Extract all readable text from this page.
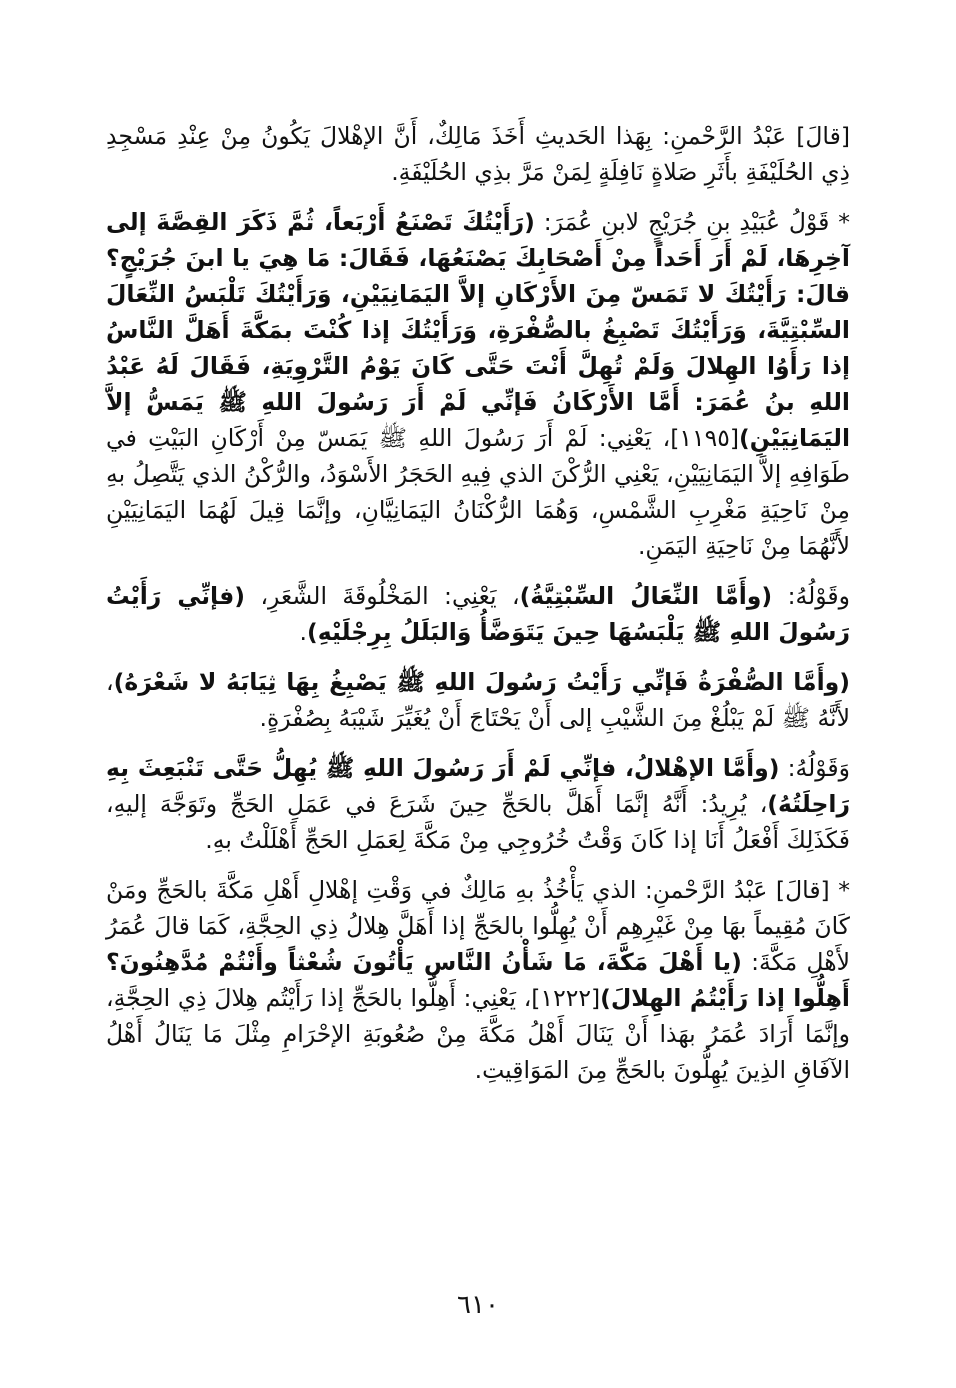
[قالَ] عَبْدُ الرَّحْمنِ: بِهَذا الحَديثِ أَخَذَ مَالِكٌ، أَنَّ الإهْلالَ يَكُونُ مِنْ عِنْدِ مَسْجِدِ ذِي الحُلَيْفَةِ بأَثَرِ صَلاةٍ نَافِلَةٍ لِمَنْ مَرَّ بذِي الحُلَيْفَةِ.

* قَوْلُ عُبَيْدِ بنِ جُرَيْجٍ لابنِ عُمَرَ: (رَأَيْتُكَ تَصْنَعُ أَرْبَعاً، ثُمَّ ذَكَرَ القِصَّةَ إلى آخِرِهَا، لَمْ أَرَ أَحَداً مِنْ أَصْحَابِكَ يَصْنَعُهَا، فَقَالَ: مَا هِيَ يا ابنَ جُرَيْجٍ؟ قالَ: رَأَيْتُكَ لا تَمَسّ مِنَ الأَرْكَانِ إلاَّ اليَمَانِيَيْنِ، وَرَأَيْتُكَ تَلْبَسُ النِّعَالَ السِّبْتِيَّةَ، وَرَأَيْتُكَ تَصْبِغُ بالصُّفْرَةِ، وَرَأَيْتُكَ إذا كُنْتَ بمَكَّةَ أَهَلَّ النَّاسُ إذا رَأَوُا الهِلالَ وَلَمْ تُهِلَّ أَنْتَ حَتَّى كَانَ يَوْمُ التَّرْوِيَةِ، فَقَالَ لَهُ عَبْدُ اللهِ بنُ عُمَرَ: أَمَّا الأَرْكَانُ فَإنِّي لَمْ أَرَ رَسُولَ اللهِ ﷺ يَمَسُّ إلاَّ اليَمَانِيَيْنِ)[١١٩٥]، يَعْنِي: لَمْ أَرَ رَسُولَ اللهِ ﷺ يَمَسّ مِنْ أَرْكَانِ البَيْتِ في طَوَافِهِ إلاَّ اليَمَانِيَيْنِ، يَعْنِي الرُّكْنَ الذي فِيهِ الحَجَرُ الأَسْوَدُ، والرُّكْنُ الذي يَتَّصِلُ بهِ مِنْ نَاحِيَةِ مَغْرِبِ الشَّمْسِ، وَهُمَا الرُّكْنَانُ اليَمَانِيَّانِ، وإنَّمَا قِيلَ لَهُمَا اليَمَانِيَيْنِ لأَنَّهُمَا مِنْ نَاحِيَةِ اليَمَنِ.

وقَوْلُهُ: (وأَمَّا النِّعَالُ السِّبْتِيَّةُ)، يَعْنِي: المَخْلُوقَةَ الشَّعَرِ، (فإنِّي رَأَيْتُ رَسُولَ اللهِ ﷺ يَلْبَسُهَا حِينَ يَتَوَضَّأُ وَالبَلَلُ بِرِجْلَيْهِ).

(وأَمَّا الصُّفْرَةُ فَإنِّي رَأَيْتُ رَسُولَ اللهِ ﷺ يَصْبِغُ بِهَا ثِيَابَهُ لا شَعْرَهُ)، لأَنَّهُ ﷺ لَمْ يَبْلُغْ مِنَ الشَّيْبِ إلى أَنْ يَحْتَاجَ أَنْ يُغَيِّرَ شَيْبَهُ بِصُفْرَةٍ.

وَقَوْلُهُ: (وأَمَّا الإهْلالُ، فإنِّي لَمْ أَرَ رَسُولَ اللهِ ﷺ يُهِلُّ حَتَّى تَنْبَعِثَ بِهِ رَاحِلَتُهُ)، يُرِيدُ: أَنَّهُ إنَّمَا أَهَلَّ بالحَجِّ حِينَ شَرَعَ في عَمَلِ الحَجِّ وتَوَجَّهَ إليهِ، فَكَذَلِكَ أَفْعَلُ أَنَا إذا كَانَ وَقْتُ خُرُوجِي مِنْ مَكَّةَ لِعَمَلِ الحَجِّ أَهْلَلْتُ بهِ.

* [قالَ] عَبْدُ الرَّحْمنِ: الذي يَأْخُذُ بهِ مَالِكٌ في وَقْتِ إهْلالِ أَهْلِ مَكَّةَ بالحَجِّ ومَنْ كَانَ مُقِيماً بهَا مِنْ غَيْرِهِم أَنْ يُهِلُّوا بالحَجِّ إذا أَهَلَّ هِلالُ ذِي الحِجَّةِ، كَمَا قالَ عُمَرُ لأَهْلِ مَكَّةَ: (يا أَهْلَ مَكَّةَ، مَا شَأْنُ النَّاسِ يَأْتُونَ شُعْثاً وأَنْتُمْ مُدَّهِنُونَ؟ أَهِلُّوا إذا رَأَيْتُمُ الهِلالَ)[١٢٢٢]، يَعْنِي: أَهِلُّوا بالحَجِّ إذا رَأَيْتُم هِلالَ ذِي الحِجَّةِ، وإنَّمَا أَرَادَ عُمَرُ بهَذا أَنْ يَنَالَ أَهْلُ مَكَّةَ مِنْ صُعُوبَةِ الإحْرَامِ مِثْلَ مَا يَنَالُ أَهْلُ الآفَاقِ الذِينَ يُهِلُّونَ بالحَجِّ مِنَ المَوَاقِيتِ.

٦١٠
